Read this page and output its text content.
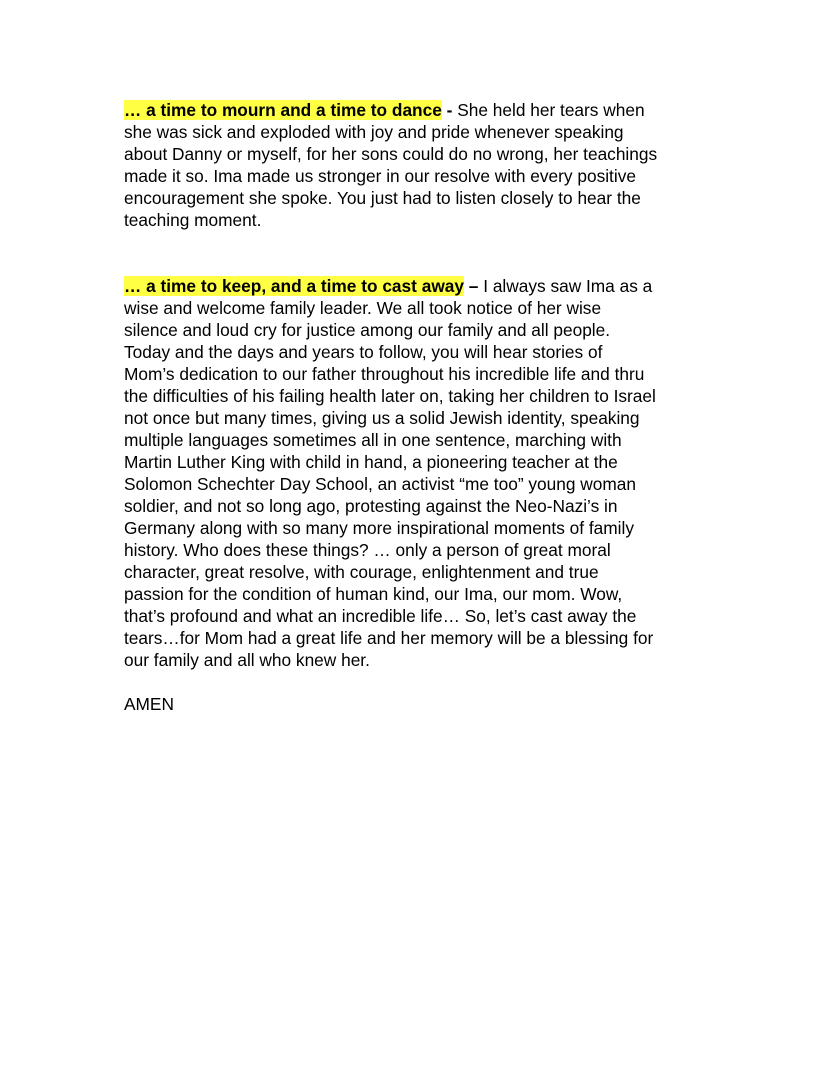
… a time to mourn and a time to dance - She held her tears when
she was sick and exploded with joy and pride whenever speaking
about Danny or myself, for her sons could do no wrong, her teachings
made it so. Ima made us stronger in our resolve with every positive
encouragement she spoke. You just had to listen closely to hear the
teaching moment.

… a time to keep, and a time to cast away – I always saw Ima as a
wise and welcome family leader. We all took notice of her wise
silence and loud cry for justice among our family and all people.
Today and the days and years to follow, you will hear stories of
Mom’s dedication to our father throughout his incredible life and thru
the difficulties of his failing health later on, taking her children to Israel
not once but many times, giving us a solid Jewish identity, speaking
multiple languages sometimes all in one sentence, marching with
Martin Luther King with child in hand, a pioneering teacher at the
Solomon Schechter Day School, an activist “me too” young woman
soldier, and not so long ago, protesting against the Neo-Nazi’s in
Germany along with so many more inspirational moments of family
history. Who does these things? … only a person of great moral
character, great resolve, with courage, enlightenment and true
passion for the condition of human kind, our Ima, our mom. Wow,
that’s profound and what an incredible life… So, let’s cast away the
tears…for Mom had a great life and her memory will be a blessing for
our family and all who knew her.

AMEN
